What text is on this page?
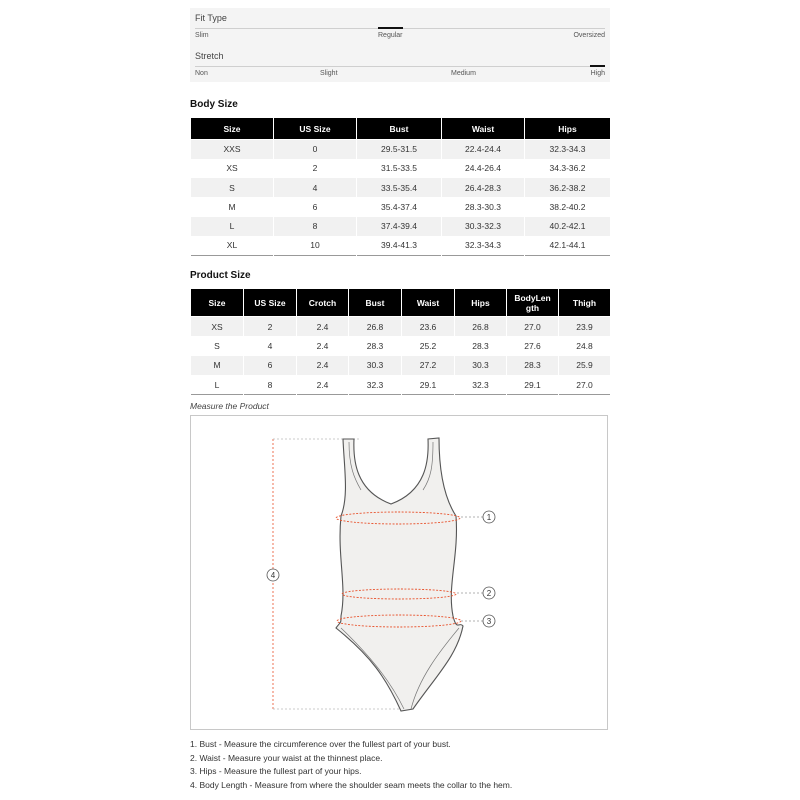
Fit Type
Slim	Regular	Oversized
Stretch
Non	Slight	Medium	High
Body Size
Size	US Size	Bust	Waist	Hips
XXS	0	29.5-31.5	22.4-24.4	32.3-34.3
XS	2	31.5-33.5	24.4-26.4	34.3-36.2
S	4	33.5-35.4	26.4-28.3	36.2-38.2
M	6	35.4-37.4	28.3-30.3	38.2-40.2
L	8	37.4-39.4	30.3-32.3	40.2-42.1
XL	10	39.4-41.3	32.3-34.3	42.1-44.1
Product Size
Size	US Size	Crotch	Bust	Waist	Hips	BodyLen gth	Thigh
XS	2	2.4	26.8	23.6	26.8	27.0	23.9
S	4	2.4	28.3	25.2	28.3	27.6	24.8
M	6	2.4	30.3	27.2	30.3	28.3	25.9
L	8	2.4	32.3	29.1	32.3	29.1	27.0
Measure the Product
1
2
3
4
1. Bust - Measure the circumference over the fullest part of your bust.
2. Waist - Measure your waist at the thinnest place.
3. Hips - Measure the fullest part of your hips.
4. Body Length - Measure from where the shoulder seam meets the collar to the hem.
